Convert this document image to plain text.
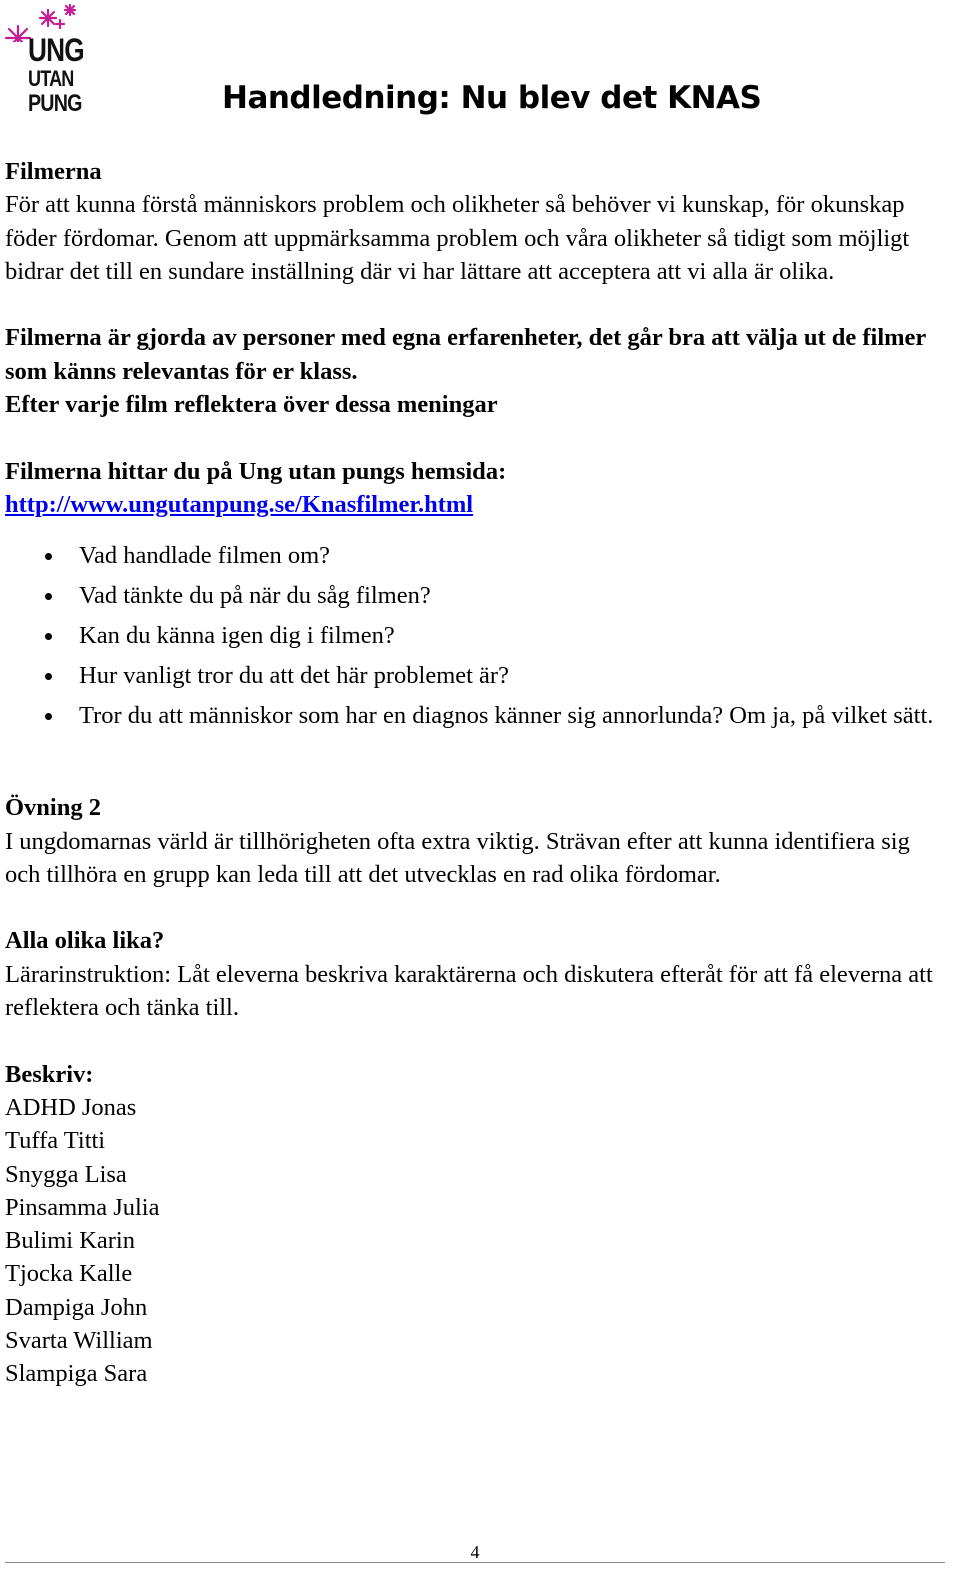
UNG
UTAN
PUNG	Handledning: Nu blev det KNAS

Filmerna

För att kunna förstå människors problem och olikheter så behöver vi kunskap, för okunskap föder fördomar. Genom att uppmärksamma problem och våra olikheter så tidigt som möjligt bidrar det till en sundare inställning där vi har lättare att acceptera att vi alla är olika.

Filmerna är gjorda av personer med egna erfarenheter, det går bra att välja ut de filmer som känns relevantas för er klass.

Efter varje film reflektera över dessa meningar

Filmerna hittar du på Ung utan pungs hemsida:

http://www.ungutanpung.se/Knasfilmer.html

Vad handlade filmen om?
Vad tänkte du på när du såg filmen?
Kan du känna igen dig i filmen?
Hur vanligt tror du att det här problemet är?
Tror du att människor som har en diagnos känner sig annorlunda? Om ja, på vilket sätt.

Övning 2

I ungdomarnas värld är tillhörigheten ofta extra viktig. Strävan efter att kunna identifiera sig och tillhöra en grupp kan leda till att det utvecklas en rad olika fördomar.

Alla olika lika?

Lärarinstruktion: Låt eleverna beskriva karaktärerna och diskutera efteråt för att få eleverna att reflektera och tänka till.

Beskriv:

ADHD Jonas

Tuffa Titti

Snygga Lisa

Pinsamma Julia

Bulimi Karin

Tjocka Kalle

Dampiga John

Svarta William

Slampiga Sara

4
